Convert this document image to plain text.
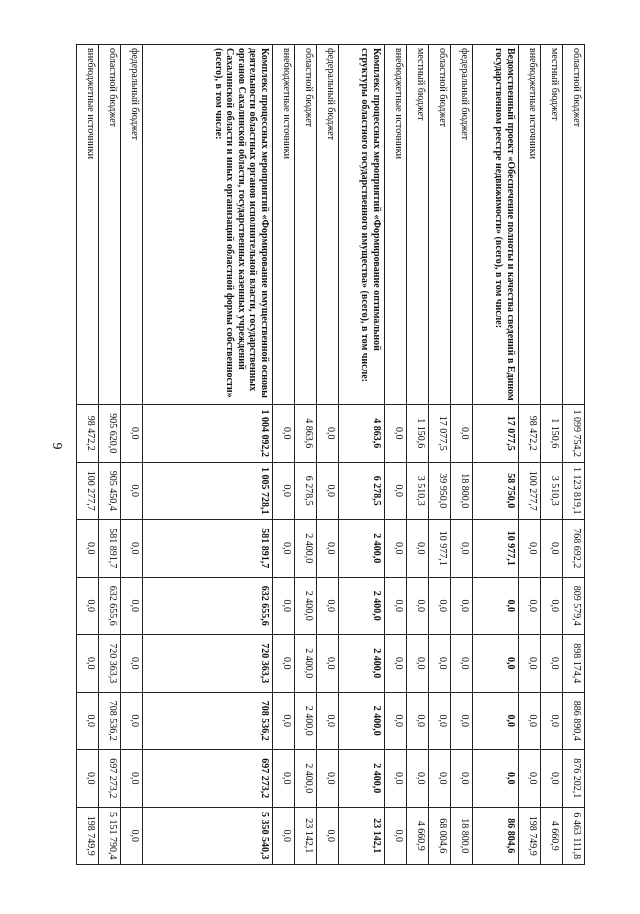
9
областной бюджет	1 099 754,2	1 123 819,1	768 692,2	809 579,4	898 174,4	886 890,4	876 202,1	6 463 111,8
местный бюджет	1 150,6	3 510,3	0,0	0,0	0,0	0,0	0,0	4 660,9
внебюджетные источники	98 472,2	100 277,7	0,0	0,0	0,0	0,0	0,0	198 749,9
Ведомственный проект «Обеспечение полноты и качества сведений в Едином государственном реестре недвижимости» (всего), в том числе:	17 077,5	58 750,0	10 977,1	0,0	0,0	0,0	0,0	86 804,6
федеральный бюджет	0,0	18 800,0	0,0	0,0	0,0	0,0	0,0	18 800,0
областной бюджет	17 077,5	39 950,0	10 977,1	0,0	0,0	0,0	0,0	68 004,6
местный бюджет	1 150,6	3 510,3	0,0	0,0	0,0	0,0	0,0	4 660,9
внебюджетные источники	0,0	0,0	0,0	0,0	0,0	0,0	0,0	0,0
Комплекс процессных мероприятий «Формирование оптимальной структуры областного государственного имущества» (всего), в том числе:	4 863,6	6 278,5	2 400,0	2 400,0	2 400,0	2 400,0	2 400,0	23 142,1
федеральный бюджет	0,0	0,0	0,0	0,0	0,0	0,0	0,0	0,0
областной бюджет	4 863,6	6 278,5	2 400,0	2 400,0	2 400,0	2 400,0	2 400,0	23 142,1
внебюджетные источники	0,0	0,0	0,0	0,0	0,0	0,0	0,0	0,0
Комплекс процессных мероприятий «Формирование имущественной основы деятельности областных органов исполнительной власти, государственных органов Сахалинской области, государственных казенных учреждений Сахалинской области и иных организаций областной формы собственности» (всего), в том числе:	1 004 092,2	1 005 728,1	581 891,7	632 655,6	720 363,3	708 536,2	697 273,2	5 350 540,3
федеральный бюджет	0,0	0,0	0,0	0,0	0,0	0,0	0,0	0,0
областной бюджет	905 620,0	905 450,4	581 891,7	632 655,6	720 363,3	708 536,2	697 273,2	5 151 790,4
внебюджетные источники	98 472,2	100 277,7	0,0	0,0	0,0	0,0	0,0	198 749,9
